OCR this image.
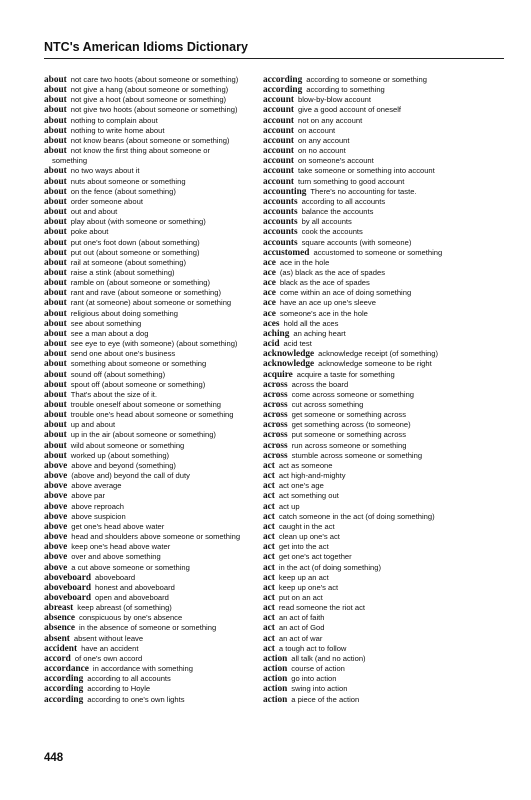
NTC's American Idioms Dictionary
about not care two hoots (about someone or something)
about not give a hang (about someone or something)
about not give a hoot (about someone or something)
about not give two hoots (about someone or something)
about nothing to complain about
about nothing to write home about
about not know beans (about someone or something)
about not know the first thing about someone or
something
about no two ways about it
about nuts about someone or something
about on the fence (about something)
about order someone about
about out and about
about play about (with someone or something)
about poke about
about put one's foot down (about something)
about put out (about someone or something)
about rail at someone (about something)
about raise a stink (about something)
about ramble on (about someone or something)
about rant and rave (about someone or something)
about rant (at someone) about someone or something
about religious about doing something
about see about something
about see a man about a dog
about see eye to eye (with someone) (about something)
about send one about one's business
about something about someone or something
about sound off (about something)
about spout off (about someone or something)
about That's about the size of it.
about trouble oneself about someone or something
about trouble one's head about someone or something
about up and about
about up in the air (about someone or something)
about wild about someone or something
about worked up (about something)
above above and beyond (something)
above (above and) beyond the call of duty
above above average
above above par
above above reproach
above above suspicion
above get one's head above water
above head and shoulders above someone or something
above keep one's head above water
above over and above something
above a cut above someone or something
aboveboard aboveboard
aboveboard honest and aboveboard
aboveboard open and aboveboard
abreast keep abreast (of something)
absence conspicuous by one's absence
absence in the absence of someone or something
absent absent without leave
accident have an accident
accord of one's own accord
accordance in accordance with something
according according to all accounts
according according to Hoyle
according according to one's own lights
according according to someone or something
according according to something
account blow-by-blow account
account give a good account of oneself
account not on any account
account on account
account on any account
account on no account
account on someone's account
account take someone or something into account
account turn something to good account
accounting There's no accounting for taste.
accounts according to all accounts
accounts balance the accounts
accounts by all accounts
accounts cook the accounts
accounts square accounts (with someone)
accustomed accustomed to someone or something
ace ace in the hole
ace (as) black as the ace of spades
ace black as the ace of spades
ace come within an ace of doing something
ace have an ace up one's sleeve
ace someone's ace in the hole
aces hold all the aces
aching an aching heart
acid acid test
acknowledge acknowledge receipt (of something)
acknowledge acknowledge someone to be right
acquire acquire a taste for something
across across the board
across come across someone or something
across cut across something
across get someone or something across
across get something across (to someone)
across put someone or something across
across run across someone or something
across stumble across someone or something
act act as someone
act act high-and-mighty
act act one's age
act act something out
act act up
act catch someone in the act (of doing something)
act caught in the act
act clean up one's act
act get into the act
act get one's act together
act in the act (of doing something)
act keep up an act
act keep up one's act
act put on an act
act read someone the riot act
act an act of faith
act an act of God
act an act of war
act a tough act to follow
action all talk (and no action)
action course of action
action go into action
action swing into action
action a piece of the action
448
